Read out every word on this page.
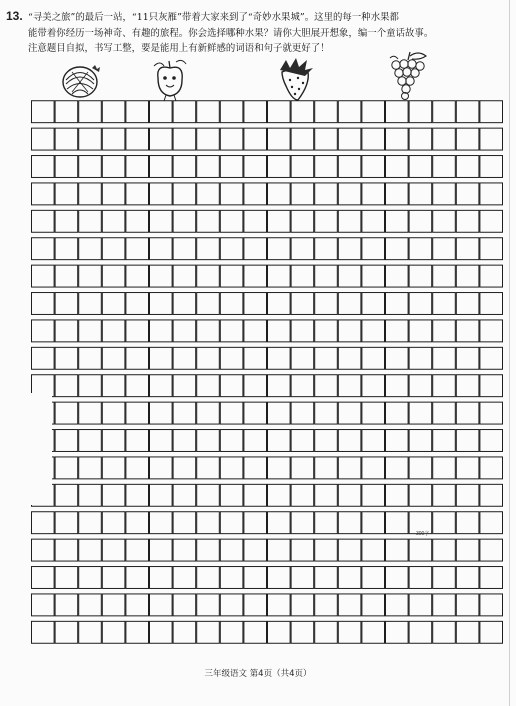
13. “寻美之旅”的最后一站，“11只灰雁”带着大家来到了“奇妙水果城”。这里的每一种水果都
能带着你经历一场神奇、有趣的旅程。你会选择哪种水果？请你大胆展开想象，编一个童话故事。
注意题目自拟，书写工整，要是能用上有新鲜感的词语和句子就更好了！
300字
三年级语文 第4页（共4页）
